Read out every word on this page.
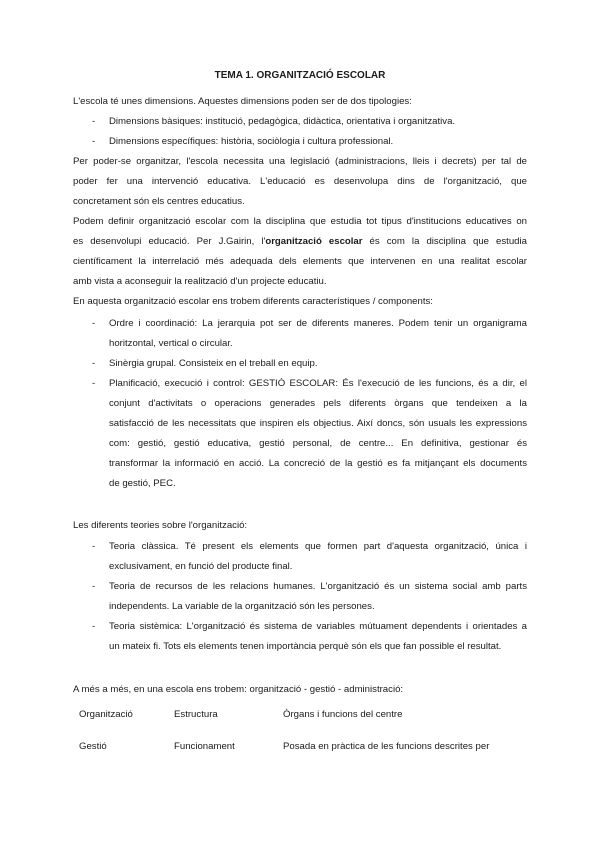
TEMA 1. ORGANITZACIÓ ESCOLAR
L'escola té unes dimensions. Aquestes dimensions poden ser de dos tipologies:
- Dimensions bàsiques: institució, pedagògica, didàctica, orientativa i organitzativa.
- Dimensions específiques: història, sociòlogia i cultura professional.
Per poder-se organitzar, l'escola necessita una legislació (administracions, lleis i decrets) per tal de
poder fer una intervenció educativa. L'educació es desenvolupa dins de l'organització, que
concretament són els centres educatius.
Podem definir organització escolar com la disciplina que estudia tot tipus d'institucions educatives on
es desenvolupi educació. Per J.Gairin, l'organització escolar és com la disciplina que estudia
científicament la interrelació més adequada dels elements que intervenen en una realitat escolar
amb vista a aconseguir la realització d'un projecte educatiu.
En aquesta organització escolar ens trobem diferents característiques / components:
- Ordre i coordinació: La jerarquia pot ser de diferents maneres. Podem tenir un organigrama
horitzontal, vertical o circular.
- Sinèrgia grupal. Consisteix en el treball en equip.
- Planificació, execució i control: GESTIÓ ESCOLAR: És l'execució de les funcions, és a dir, el
conjunt d'activitats o operacions generades pels diferents òrgans que tendeixen a la
satisfacció de les necessitats que inspiren els objectius. Així doncs, són usuals les expressions
com: gestió, gestió educativa, gestió personal, de centre... En definitiva, gestionar és
transformar la informació en acció. La concreció de la gestió es fa mitjançant els documents
de gestió, PEC.
Les diferents teories sobre l'organització:
- Teoria clàssica. Té present els elements que formen part d'aquesta organització, única i
exclusivament, en funció del producte final.
- Teoria de recursos de les relacions humanes. L'organització és un sistema social amb parts
independents. La variable de la organització són les persones.
- Teoria sistèmica: L'organització és sistema de variables mútuament dependents i orientades a
un mateix fi. Tots els elements tenen importància perquè són els que fan possible el resultat.
A més a més, en una escola ens trobem: organització - gestió - administració:
Organització	Estructura	Òrgans i funcions del centre
Gestió	Funcionament	Posada en pràctica de les funcions descrites per
